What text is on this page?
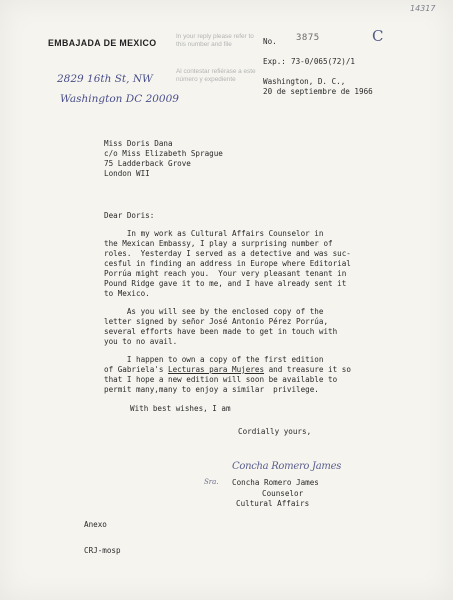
14317
EMBAJADA DE MEXICO
In your reply please refer to
this number and file
Al contestar refiérase a este
número y expediente
No. 3875	C
Exp.: 73-0/065(72)/1
2829 16th St, NW
Washington DC 20009
Washington, D. C.,
20 de septiembre de 1966
Miss Doris Dana
c/o Miss Elizabeth Sprague
75 Ladderback Grove
London WII
Dear Doris:
In my work as Cultural Affairs Counselor in
the Mexican Embassy, I play a surprising number of
roles.  Yesterday I served as a detective and was suc-
cesful in finding an address in Europe where Editorial
Porrúa might reach you.  Your very pleasant tenant in
Pound Ridge gave it to me, and I have already sent it
to Mexico.
As you will see by the enclosed copy of the
letter signed by señor José Antonio Pérez Porrúa,
several efforts have been made to get in touch with
you to no avail.
I happen to own a copy of the first edition
of Gabriela's Lecturas para Mujeres and treasure it so
that I hope a new edition will soon be available to
permit many,many to enjoy a similar  privilege.
With best wishes, I am
Cordially yours,
Concha Romero James
Sra. Concha Romero James
Counselor
Cultural Affairs
Anexo
CRJ-mosp
